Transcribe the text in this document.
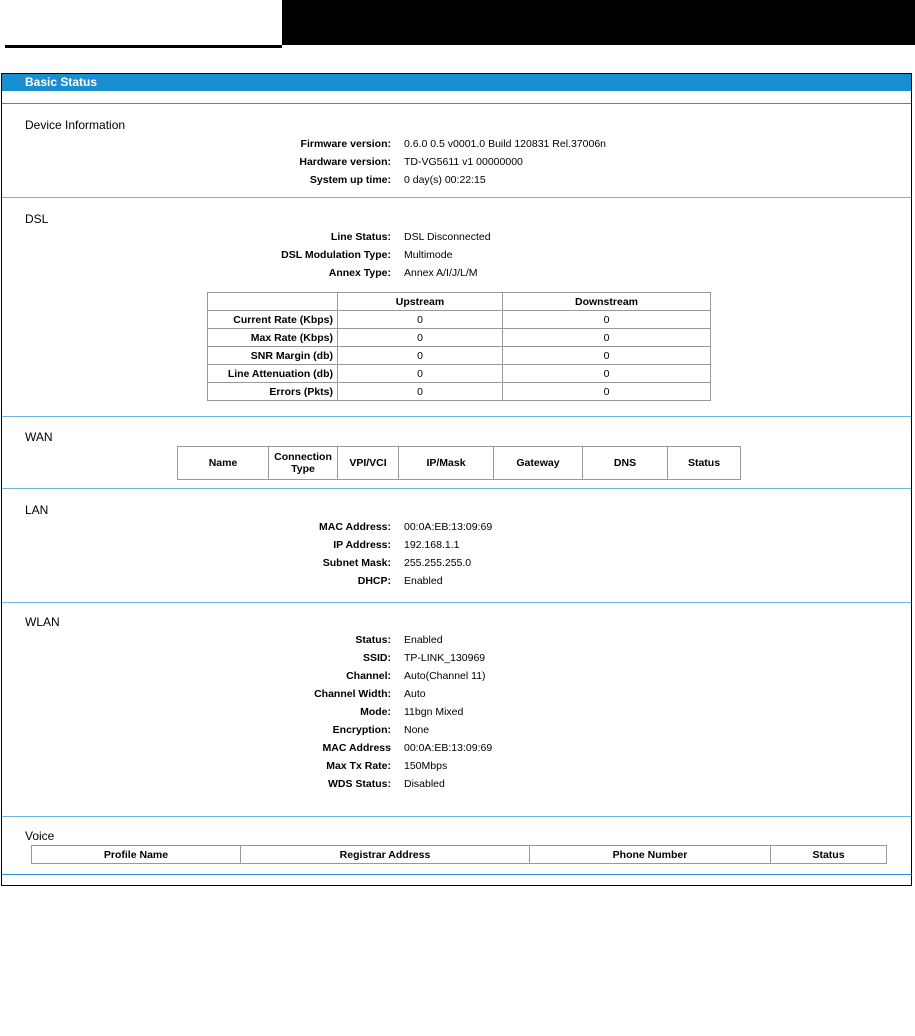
Basic Status
Device Information
Firmware version: 0.6.0 0.5 v0001.0 Build 120831 Rel.37006n
Hardware version: TD-VG5611 v1 00000000
System up time: 0 day(s) 00:22:15
DSL
Line Status: DSL Disconnected
DSL Modulation Type: Multimode
Annex Type: Annex A/I/J/L/M
	Upstream	Downstream
Current Rate (Kbps)	0	0
Max Rate (Kbps)	0	0
SNR Margin (db)	0	0
Line Attenuation (db)	0	0
Errors (Pkts)	0	0
WAN
Name	Connection Type	VPI/VCI	IP/Mask	Gateway	DNS	Status
LAN
MAC Address: 00:0A:EB:13:09:69
IP Address: 192.168.1.1
Subnet Mask: 255.255.255.0
DHCP: Enabled
WLAN
Status: Enabled
SSID: TP-LINK_130969
Channel: Auto(Channel 11)
Channel Width: Auto
Mode: 11bgn Mixed
Encryption: None
MAC Address 00:0A:EB:13:09:69
Max Tx Rate: 150Mbps
WDS Status: Disabled
Voice
Profile Name	Registrar Address	Phone Number	Status
